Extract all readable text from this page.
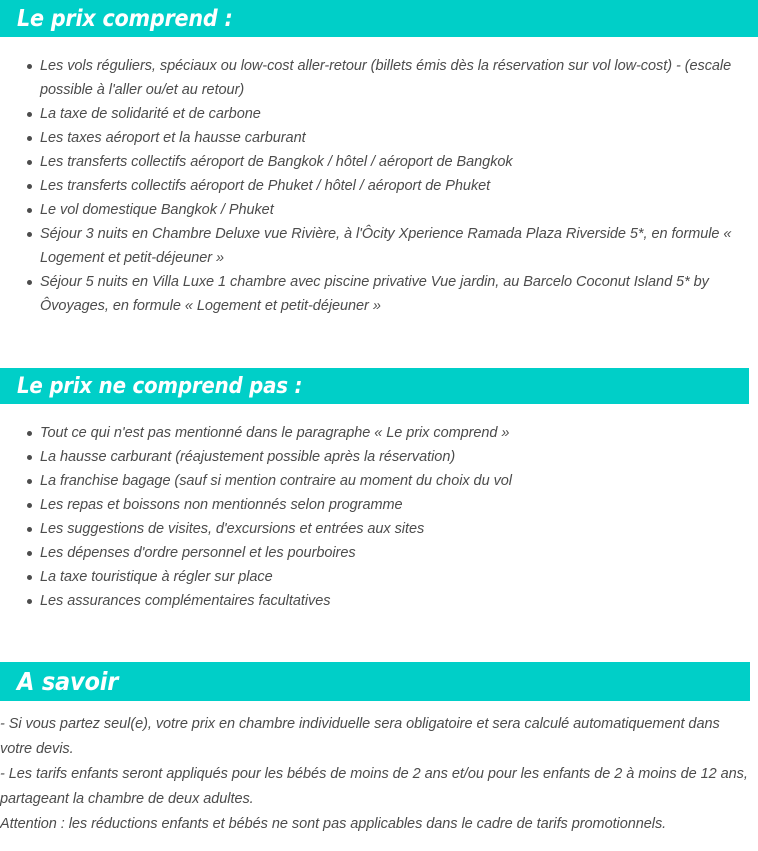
Le prix comprend :
Les vols réguliers, spéciaux ou low-cost aller-retour (billets émis dès la réservation sur vol low-cost) - (escale possible à l'aller ou/et au retour)
La taxe de solidarité et de carbone
Les taxes aéroport et la hausse carburant
Les transferts collectifs aéroport de Bangkok / hôtel / aéroport de Bangkok
Les transferts collectifs aéroport de Phuket / hôtel / aéroport de Phuket
Le vol domestique Bangkok / Phuket
Séjour 3 nuits en Chambre Deluxe vue Rivière, à l'Ôcity Xperience Ramada Plaza Riverside 5*, en formule « Logement et petit-déjeuner »
Séjour 5 nuits en Villa Luxe 1 chambre avec piscine privative Vue jardin, au Barcelo Coconut Island 5* by Ôvoyages, en formule « Logement et petit-déjeuner »
Le prix ne comprend pas :
Tout ce qui n'est pas mentionné dans le paragraphe « Le prix comprend »
La hausse carburant (réajustement possible après la réservation)
La franchise bagage (sauf si mention contraire au moment du choix du vol
Les repas et boissons non mentionnés selon programme
Les suggestions de visites, d'excursions et entrées aux sites
Les dépenses d'ordre personnel et les pourboires
La taxe touristique à régler sur place
Les assurances complémentaires facultatives
A savoir

- Si vous partez seul(e), votre prix en chambre individuelle sera obligatoire et sera calculé automatiquement dans votre devis.

- Les tarifs enfants seront appliqués pour les bébés de moins de 2 ans et/ou pour les enfants de 2 à moins de 12 ans, partageant la chambre de deux adultes.

Attention : les réductions enfants et bébés ne sont pas applicables dans le cadre de tarifs promotionnels.
